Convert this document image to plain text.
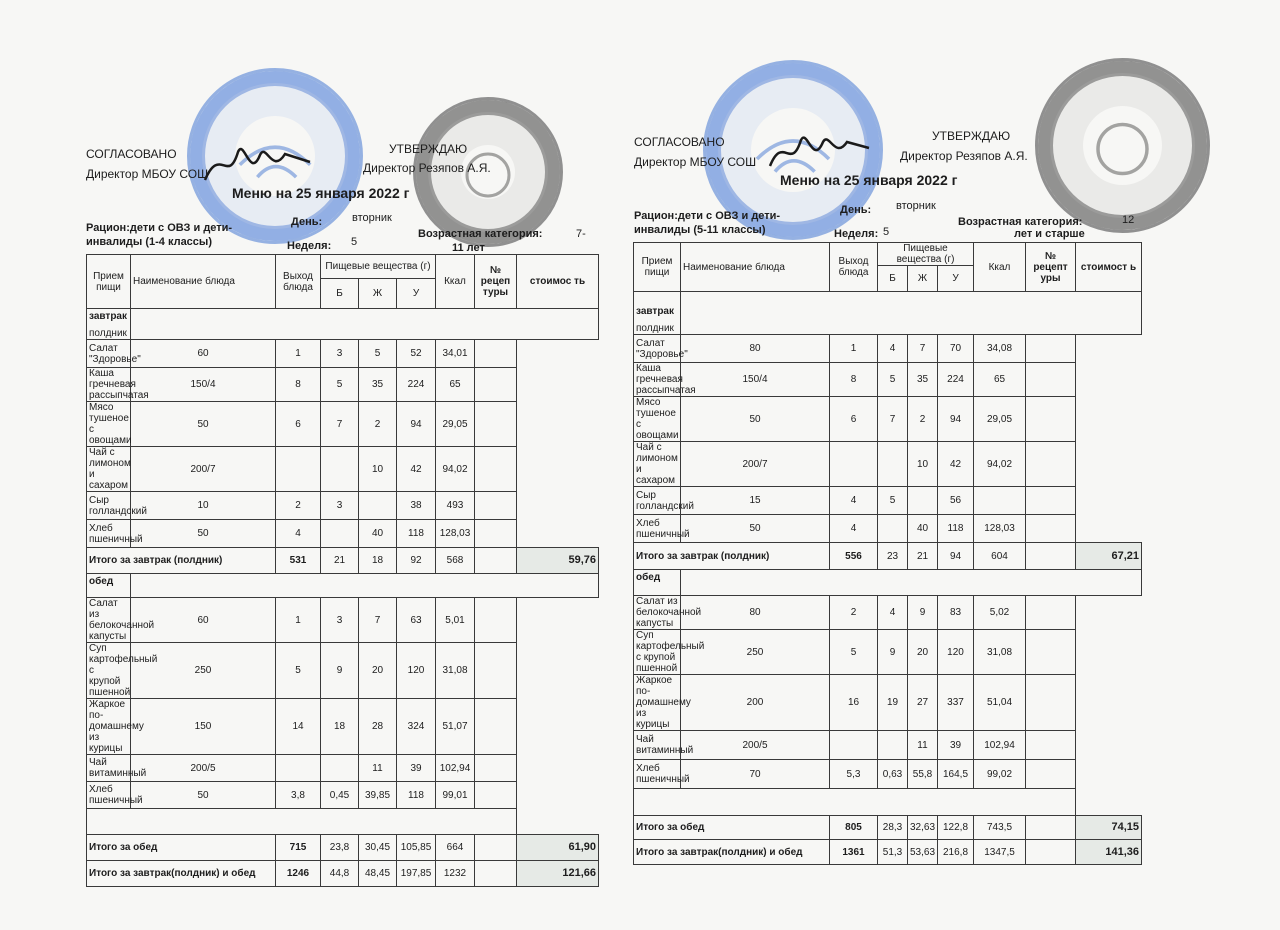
СОГЛАСОВАНО
Директор МБОУ СОШ
УТВЕРЖДАЮ
Директор Резяпов А.Я.
Меню на 25 января 2022 г
Рацион:дети с ОВЗ и дети-
инвалиды (1-4 классы)
День:	вторник
Неделя: 5
Возрастная категория:	7-
11 лет
Прием пищи	Наименование блюда	Выход блюда	Пищевые вещества (г)			Ккал	№ рецеп туры	стоимос ть
			Б	Ж	У			

завтрак
полдник								

Салат "Здоровье"	60	1	3	5	52	34,01		
Каша гречневая рассыпчатая	150/4	8	5	35	224	65		
Мясо тушеное с овощами	50	6	7	2	94	29,05		
Чай с лимоном и сахаром	200/7			10	42	94,02		
Сыр голландский	10	2	3		38	493		
Хлеб пшеничный	50	4		40	118	128,03		
Итого за завтрак (полдник)		531	21	18	92	568		59,76
обед								
Салат из белокочанной капусты	60	1	3	7	63	5,01		
Суп картофельный с крупой пшенной	250	5	9	20	120	31,08		
Жаркое по-домашнему из курицы	150	14	18	28	324	51,07		
Чай витаминный	200/5			11	39	102,94		
Хлеб пшеничный	50	3,8	0,45	39,85	118	99,01		

Итого за обед		715	23,8	30,45	105,85	664		61,90
Итого за завтрак(полдник) и обед		1246	44,8	48,45	197,85	1232		121,66
СОГЛАСОВАНО
Директор МБОУ СОШ
УТВЕРЖДАЮ
Директор Резяпов А.Я.
Меню на 25 января 2022 г
Рацион:дети с ОВЗ и дети-
инвалиды (5-11 классы)
День: вторник
Неделя: 5
Возрастная категория:	12
лет и старше
Прием пищи	Наименование блюда	Выход блюда	Пищевые вещества (г)			Ккал	№ рецепт уры	стоимост ь
			Б	Ж	У			

завтрак
полдник								

Салат "Здоровье"	80	1	4	7	70	34,08		
Каша гречневая рассыпчатая	150/4	8	5	35	224	65		
Мясо тушеное с овощами	50	6	7	2	94	29,05		
Чай с лимоном и сахаром	200/7			10	42	94,02		
Сыр голландский	15	4	5		56			
Хлеб пшеничный	50	4		40	118	128,03		
Итого за завтрак (полдник)		556	23	21	94	604		67,21
обед								
Салат из белокочанной капусты	80	2	4	9	83	5,02		
Суп картофельный с крупой пшенной	250	5	9	20	120	31,08		
Жаркое по-домашнему из курицы	200	16	19	27	337	51,04		
Чай витаминный	200/5			11	39	102,94		
Хлеб пшеничный	70	5,3	0,63	55,8	164,5	99,02		

Итого за обед		805	28,3	32,63	122,8	743,5		74,15
Итого за завтрак(полдник) и обед		1361	51,3	53,63	216,8	1347,5		141,36
